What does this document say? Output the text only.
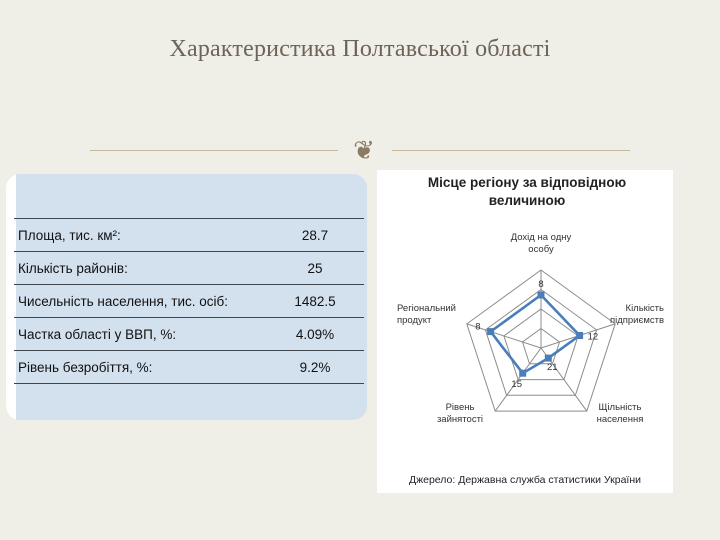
Характеристика Полтавської області
❦
Площа, тис. км²:	28.7
Кількість районів:	25
Чисельність населення, тис. осіб:	1482.5
Частка області у ВВП, %:	4.09%
Рівень безробіття, %:	9.2%
Місце регіону за відповідною
величиною
8
12
21
15
8
Дохід на одну особу
Кількість підприємств
Щільність населення
Рівень зайнятості
Регіональний продукт
Джерело: Державна служба статистики України
